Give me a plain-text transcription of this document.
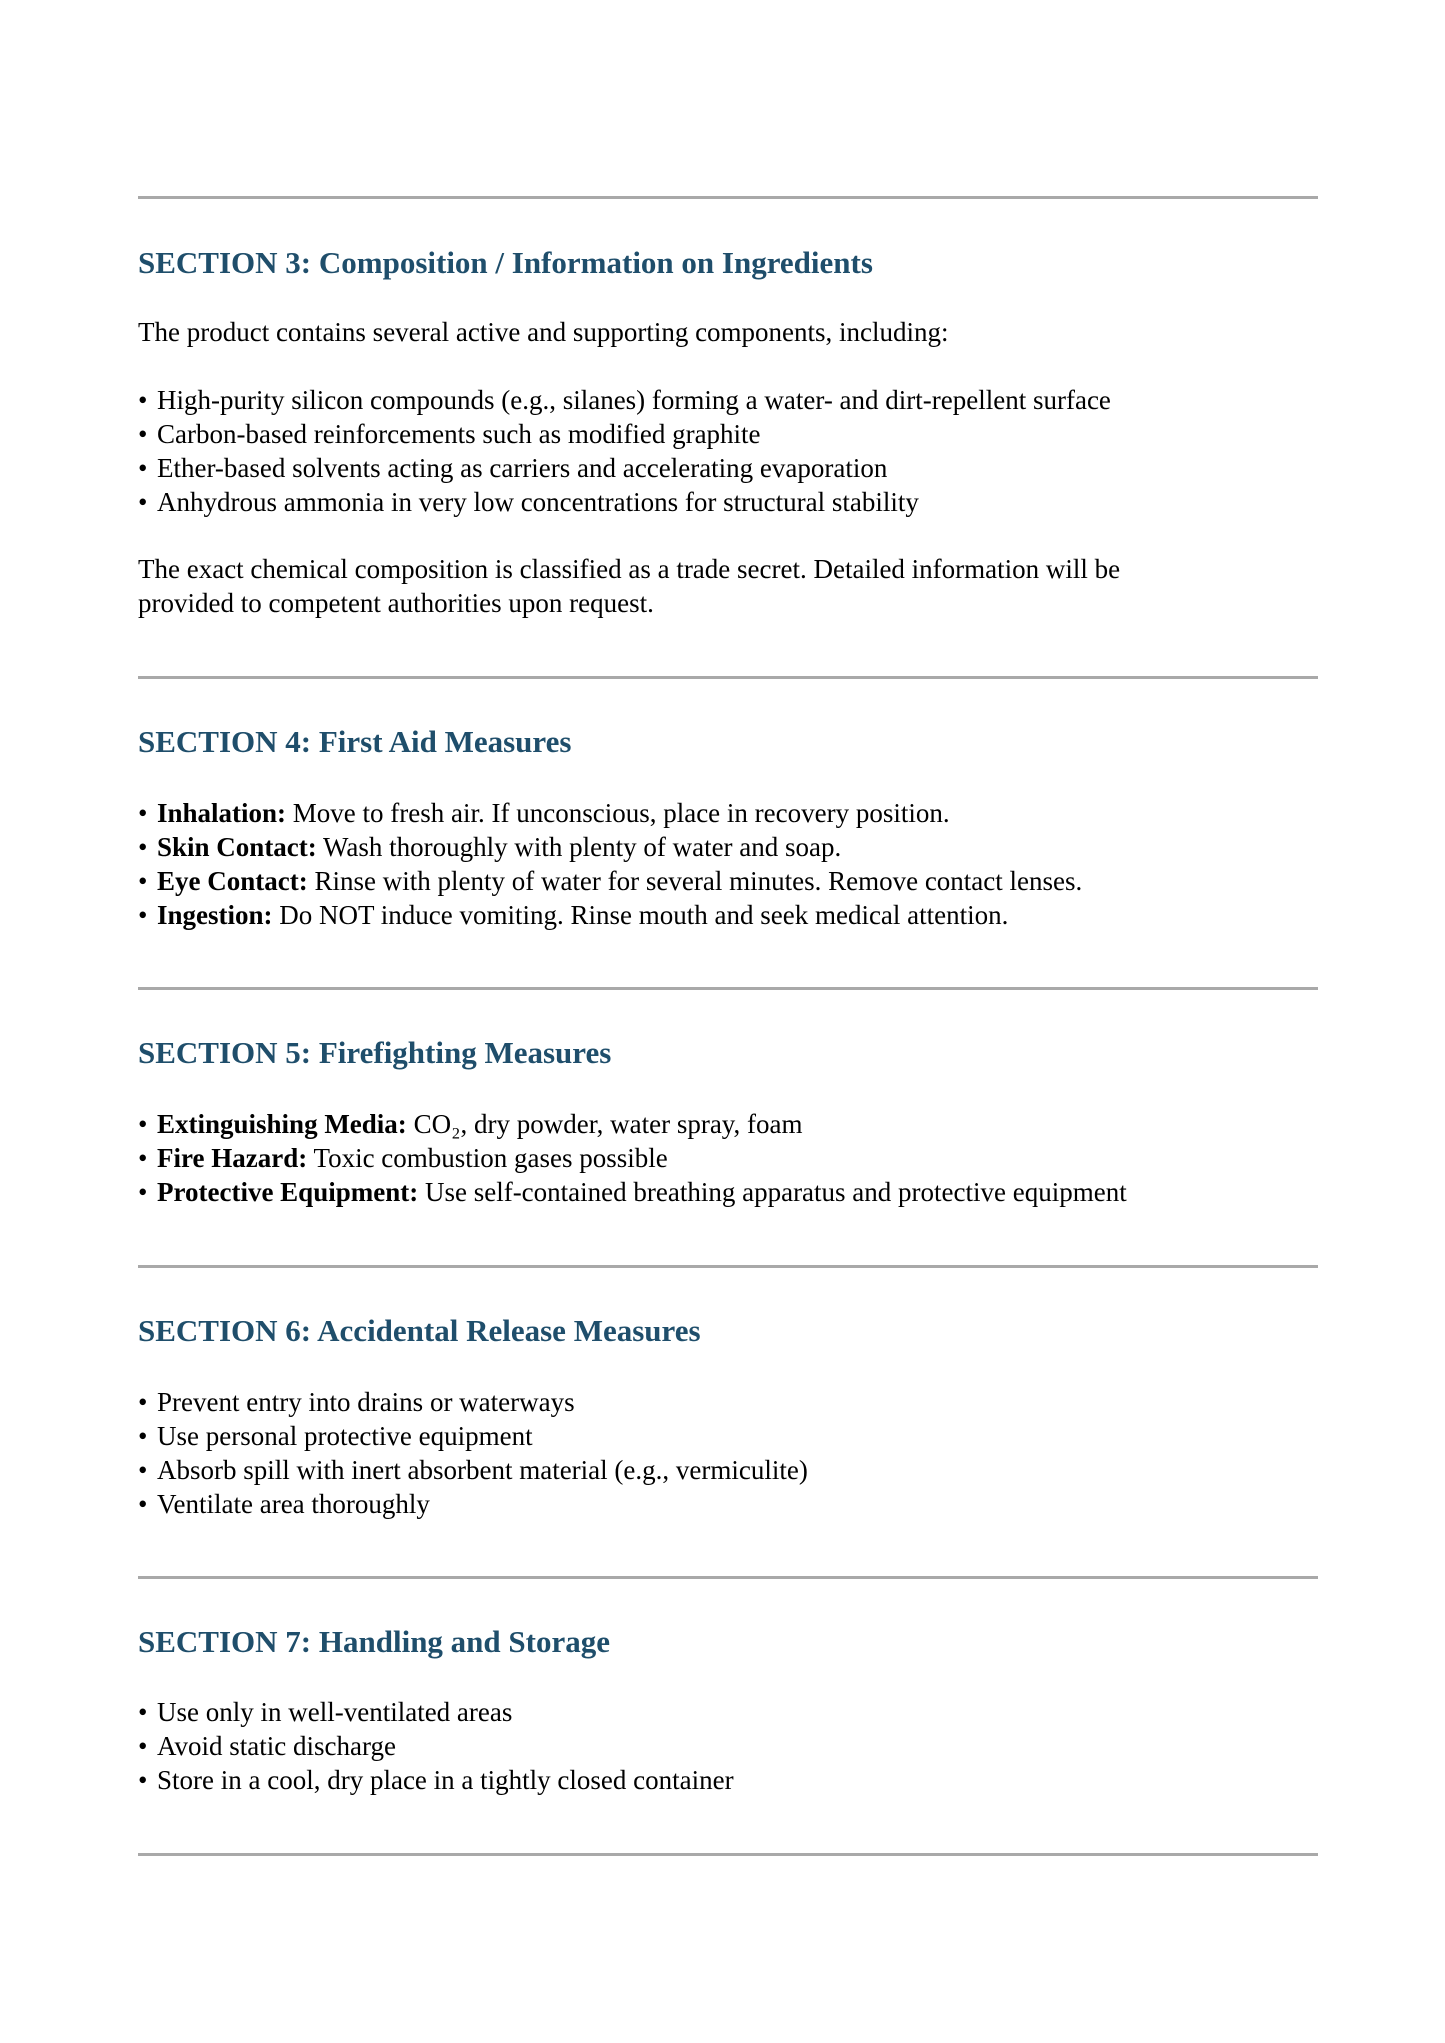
SECTION 3: Composition / Information on Ingredients

The product contains several active and supporting components, including:

• High-purity silicon compounds (e.g., silanes) forming a water- and dirt-repellent surface
• Carbon-based reinforcements such as modified graphite
• Ether-based solvents acting as carriers and accelerating evaporation
• Anhydrous ammonia in very low concentrations for structural stability

The exact chemical composition is classified as a trade secret. Detailed information will be

provided to competent authorities upon request.

SECTION 4: First Aid Measures
• Inhalation: Move to fresh air. If unconscious, place in recovery position.
• Skin Contact: Wash thoroughly with plenty of water and soap.
• Eye Contact: Rinse with plenty of water for several minutes. Remove contact lenses.
• Ingestion: Do NOT induce vomiting. Rinse mouth and seek medical attention.
SECTION 5: Firefighting Measures
• Extinguishing Media: CO₂, dry powder, water spray, foam
• Fire Hazard: Toxic combustion gases possible
• Protective Equipment: Use self-contained breathing apparatus and protective equipment
SECTION 6: Accidental Release Measures
• Prevent entry into drains or waterways
• Use personal protective equipment
• Absorb spill with inert absorbent material (e.g., vermiculite)
• Ventilate area thoroughly
SECTION 7: Handling and Storage
• Use only in well-ventilated areas
• Avoid static discharge
• Store in a cool, dry place in a tightly closed container
